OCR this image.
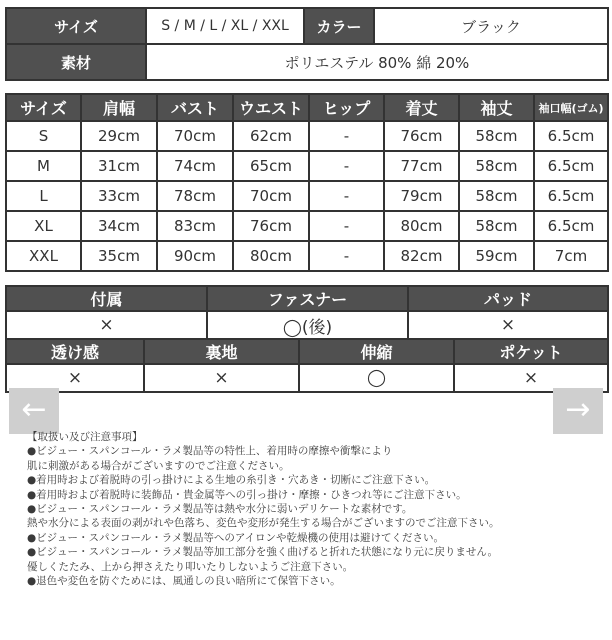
サイズ	S / M / L / XL / XXL	カラー	ブラック
素材	ポリエステル 80% 綿 20%		
サイズ	肩幅	バスト	ウエスト	ヒップ	着丈	袖丈	袖口幅(ゴム)
S	29cm	70cm	62cm	-	76cm	58cm	6.5cm
M	31cm	74cm	65cm	-	77cm	58cm	6.5cm
L	33cm	78cm	70cm	-	79cm	58cm	6.5cm
XL	34cm	83cm	76cm	-	80cm	58cm	6.5cm
XXL	35cm	90cm	80cm	-	82cm	59cm	7cm
付属	ファスナー	パッド
×	◯(後)	×
透け感	裏地	伸縮	ポケット
×	×	◯	×
←	→
【取扱い及び注意事項】
●ビジュー・スパンコール・ラメ製品等の特性上、着用時の摩擦や衝撃により
肌に刺激がある場合がございますのでご注意ください。
●着用時および着脱時の引っ掛けによる生地の糸引き・穴あき・切断にご注意下さい。
●着用時および着脱時に装飾品・貴金属等への引っ掛け・摩擦・ひきつれ等にご注意下さい。
●ビジュー・スパンコール・ラメ製品等は熱や水分に弱いデリケートな素材です。
熱や水分による表面の剥がれや色落ち、変色や変形が発生する場合がございますのでご注意下さい。
●ビジュー・スパンコール・ラメ製品等へのアイロンや乾燥機の使用は避けてください。
●ビジュー・スパンコール・ラメ製品等加工部分を強く曲げると折れた状態になり元に戻りません。
優しくたたみ、上から押さえたり叩いたりしないようご注意下さい。
●退色や変色を防ぐためには、風通しの良い暗所にて保管下さい。
